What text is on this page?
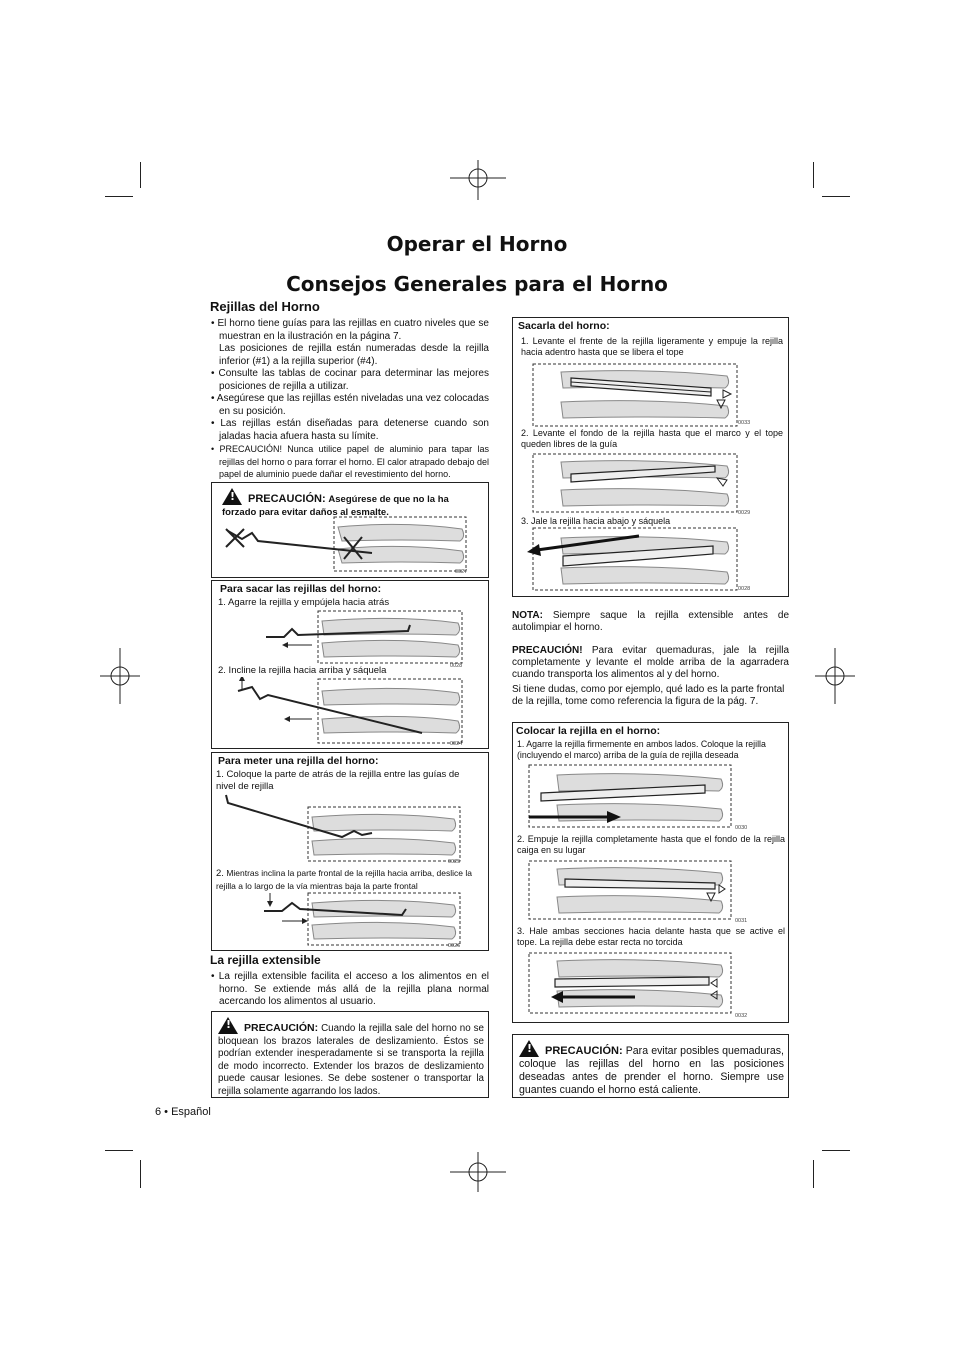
Operar el Horno
Consejos Generales para el Horno
Rejillas del Horno

• El horno tiene guías para las rejillas en cuatro niveles que se muestran en la ilustración en la página 7.

Las posiciones de rejilla están numeradas desde la rejilla inferior (#1) a la rejilla superior (#4).

• Consulte las tablas de cocinar para determinar las mejores posiciones de rejilla a utilizar.

• Asegúrese que las rejillas estén niveladas una vez colocadas en su posición.

• Las rejillas están diseñadas para detenerse cuando son jaladas hacia afuera hasta su límite.

• PRECAUCIÓN! Nunca utilice papel de aluminio para tapar las rejillas del horno o para forrar el horno. El calor atrapado debajo del papel de aluminio puede dañar el revestimiento del horno.

!PRECAUCIÓN: Asegúrese de que no la ha forzado para evitar daños al esmalte.
0027
Para sacar las rejillas del horno:
1. Agarre la rejilla y empújela hacia atrás
0028
2. Incline la rejilla hacia arriba y sáquela
0024
Para meter una rejilla del horno:
1. Coloque la parte de atrás de la rejilla entre las guías de nivel de rejilla
0025
2. Mientras inclina la parte frontal de la rejilla hacia arriba, deslice la rejilla a lo largo de la vía mientras baja la parte frontal
0026
La rejilla extensible

• La rejilla extensible facilita el acceso a los alimentos en el horno. Se extiende más allá de la rejilla plana normal acercando los alimentos al usuario.

!PRECAUCIÓN: Cuando la rejilla sale del horno no se bloquean los brazos laterales de deslizamiento. Éstos se podrían extender inesperadamente si se transporta la rejilla de modo incorrecto. Extender los brazos de deslizamiento puede causar lesiones. Se debe sostener o transportar la rejilla solamente agarrando los lados.
6 • Español
Sacarla del horno:
1. Levante el frente de la rejilla ligeramente y empuje la rejilla hacia adentro hasta que se libera el tope
0033
2. Levante el fondo de la rejilla hasta que el marco y el tope queden libres de la guía
0029
3. Jale la rejilla hacia abajo y sáquela
0028
NOTA: Siempre saque la rejilla extensible antes de autolimpiar el horno.
PRECAUCIÓN! Para evitar quemaduras, jale la rejilla completamente y levante el molde arriba de la agarradera cuando transporta los alimentos al y del horno.
Si tiene dudas, como por ejemplo, qué lado es la parte frontal de la rejilla, tome como referencia la figura de la pág. 7.
Colocar la rejilla en el horno:
1. Agarre la rejilla firmemente en ambos lados. Coloque la rejilla (incluyendo el marco) arriba de la guía de rejilla deseada
0030
2. Empuje la rejilla completamente hasta que el fondo de la rejilla caiga en su lugar
0031
3. Hale ambas secciones hacia delante hasta que se active el tope. La rejilla debe estar recta no torcida
0032
!PRECAUCIÓN: Para evitar posibles quemaduras, coloque las rejillas del horno en las posiciones deseadas antes de prender el horno. Siempre use guantes cuando el horno está caliente.
